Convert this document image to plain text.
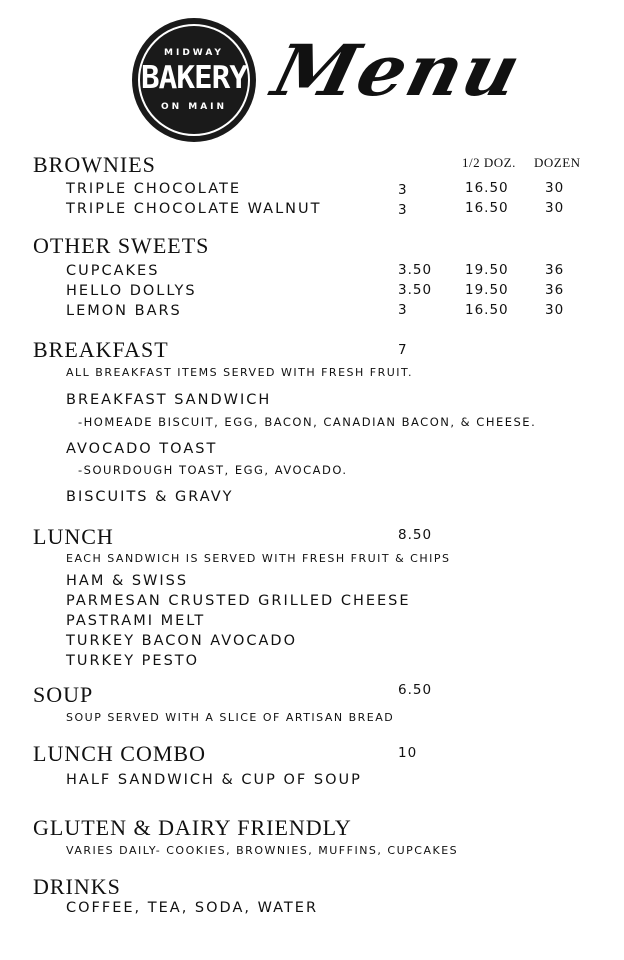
MIDWAY
BAKERY
ON MAIN Menu
1/2 DOZ. DOZEN
BROWNIES
TRIPLE CHOCOLATE	3	16.50	30
TRIPLE CHOCOLATE WALNUT	3	16.50	30
OTHER SWEETS
CUPCAKES	3.50 19.50	36
HELLO DOLLYS	3.50 19.50	36
LEMON BARS	3	16.50	30
BREAKFAST	7
ALL BREAKFAST ITEMS SERVED WITH FRESH FRUIT.
BREAKFAST SANDWICH
-HOMEADE BISCUIT, EGG, BACON, CANADIAN BACON, & CHEESE.
AVOCADO TOAST
-SOURDOUGH TOAST, EGG, AVOCADO.
BISCUITS & GRAVY
LUNCH	8.50
EACH SANDWICH IS SERVED WITH FRESH FRUIT & CHIPS
HAM & SWISS
PARMESAN CRUSTED GRILLED CHEESE
PASTRAMI MELT
TURKEY BACON AVOCADO
TURKEY PESTO
SOUP	6.50
SOUP SERVED WITH A SLICE OF ARTISAN BREAD
LUNCH COMBO	10
HALF SANDWICH & CUP OF SOUP
GLUTEN & DAIRY FRIENDLY
VARIES DAILY- COOKIES, BROWNIES, MUFFINS, CUPCAKES
DRINKS
COFFEE, TEA, SODA, WATER
